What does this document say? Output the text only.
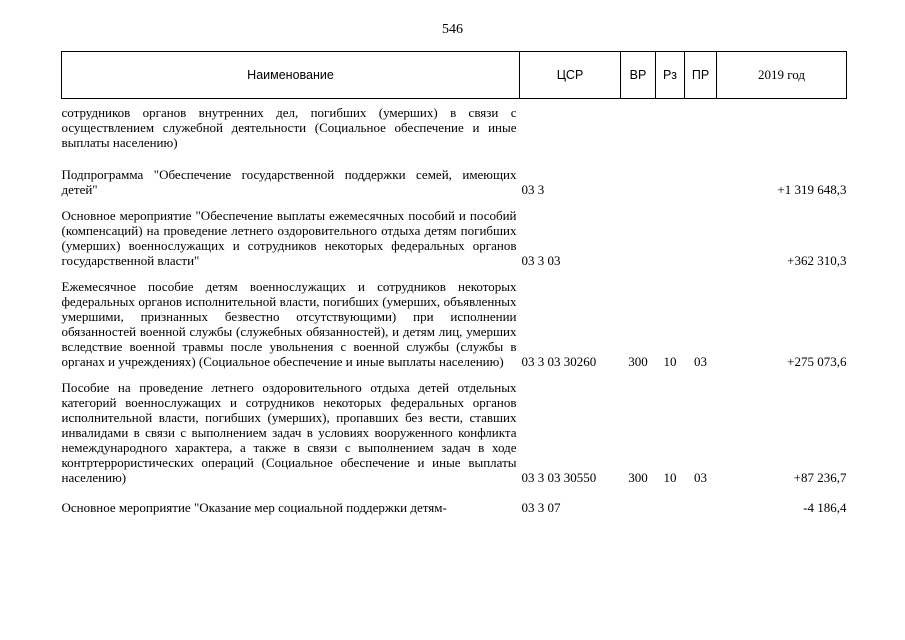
546
Наименование	ЦСР	ВР	Рз	ПР	2019 год
сотрудников органов внутренних дел, погибших (умерших) в связи с осуществлением служебной деятельности (Социальное обеспечение и иные выплаты населению)					
Подпрограмма "Обеспечение государственной поддержки семей, имеющих детей"	03 3				+1 319 648,3
Основное мероприятие "Обеспечение выплаты ежемесячных пособий и пособий (компенсаций) на проведение летнего оздоровительного отдыха детям погибших (умерших) военнослужащих и сотрудников некоторых федеральных органов государственной власти"	03 3 03				+362 310,3
Ежемесячное пособие детям военнослужащих и сотрудников некоторых федеральных органов исполнительной власти, погибших (умерших, объявленных умершими, признанных безвестно отсутствующими) при исполнении обязанностей военной службы (служебных обязанностей), и детям лиц, умерших вследствие военной травмы после увольнения с военной службы (службы в органах и учреждениях) (Социальное обеспечение и иные выплаты населению)	03 3 03 30260	300	10	03	+275 073,6
Пособие на проведение летнего оздоровительного отдыха детей отдельных категорий военнослужащих и сотрудников некоторых федеральных органов исполнительной власти, погибших (умерших), пропавших без вести, ставших инвалидами в связи с выполнением задач в условиях вооруженного конфликта немеждународного характера, а также в связи с выполнением задач в ходе контртеррористических операций (Социальное обеспечение и иные выплаты населению)	03 3 03 30550	300	10	03	+87 236,7
Основное мероприятие "Оказание мер социальной поддержки детям-	03 3 07				-4 186,4
